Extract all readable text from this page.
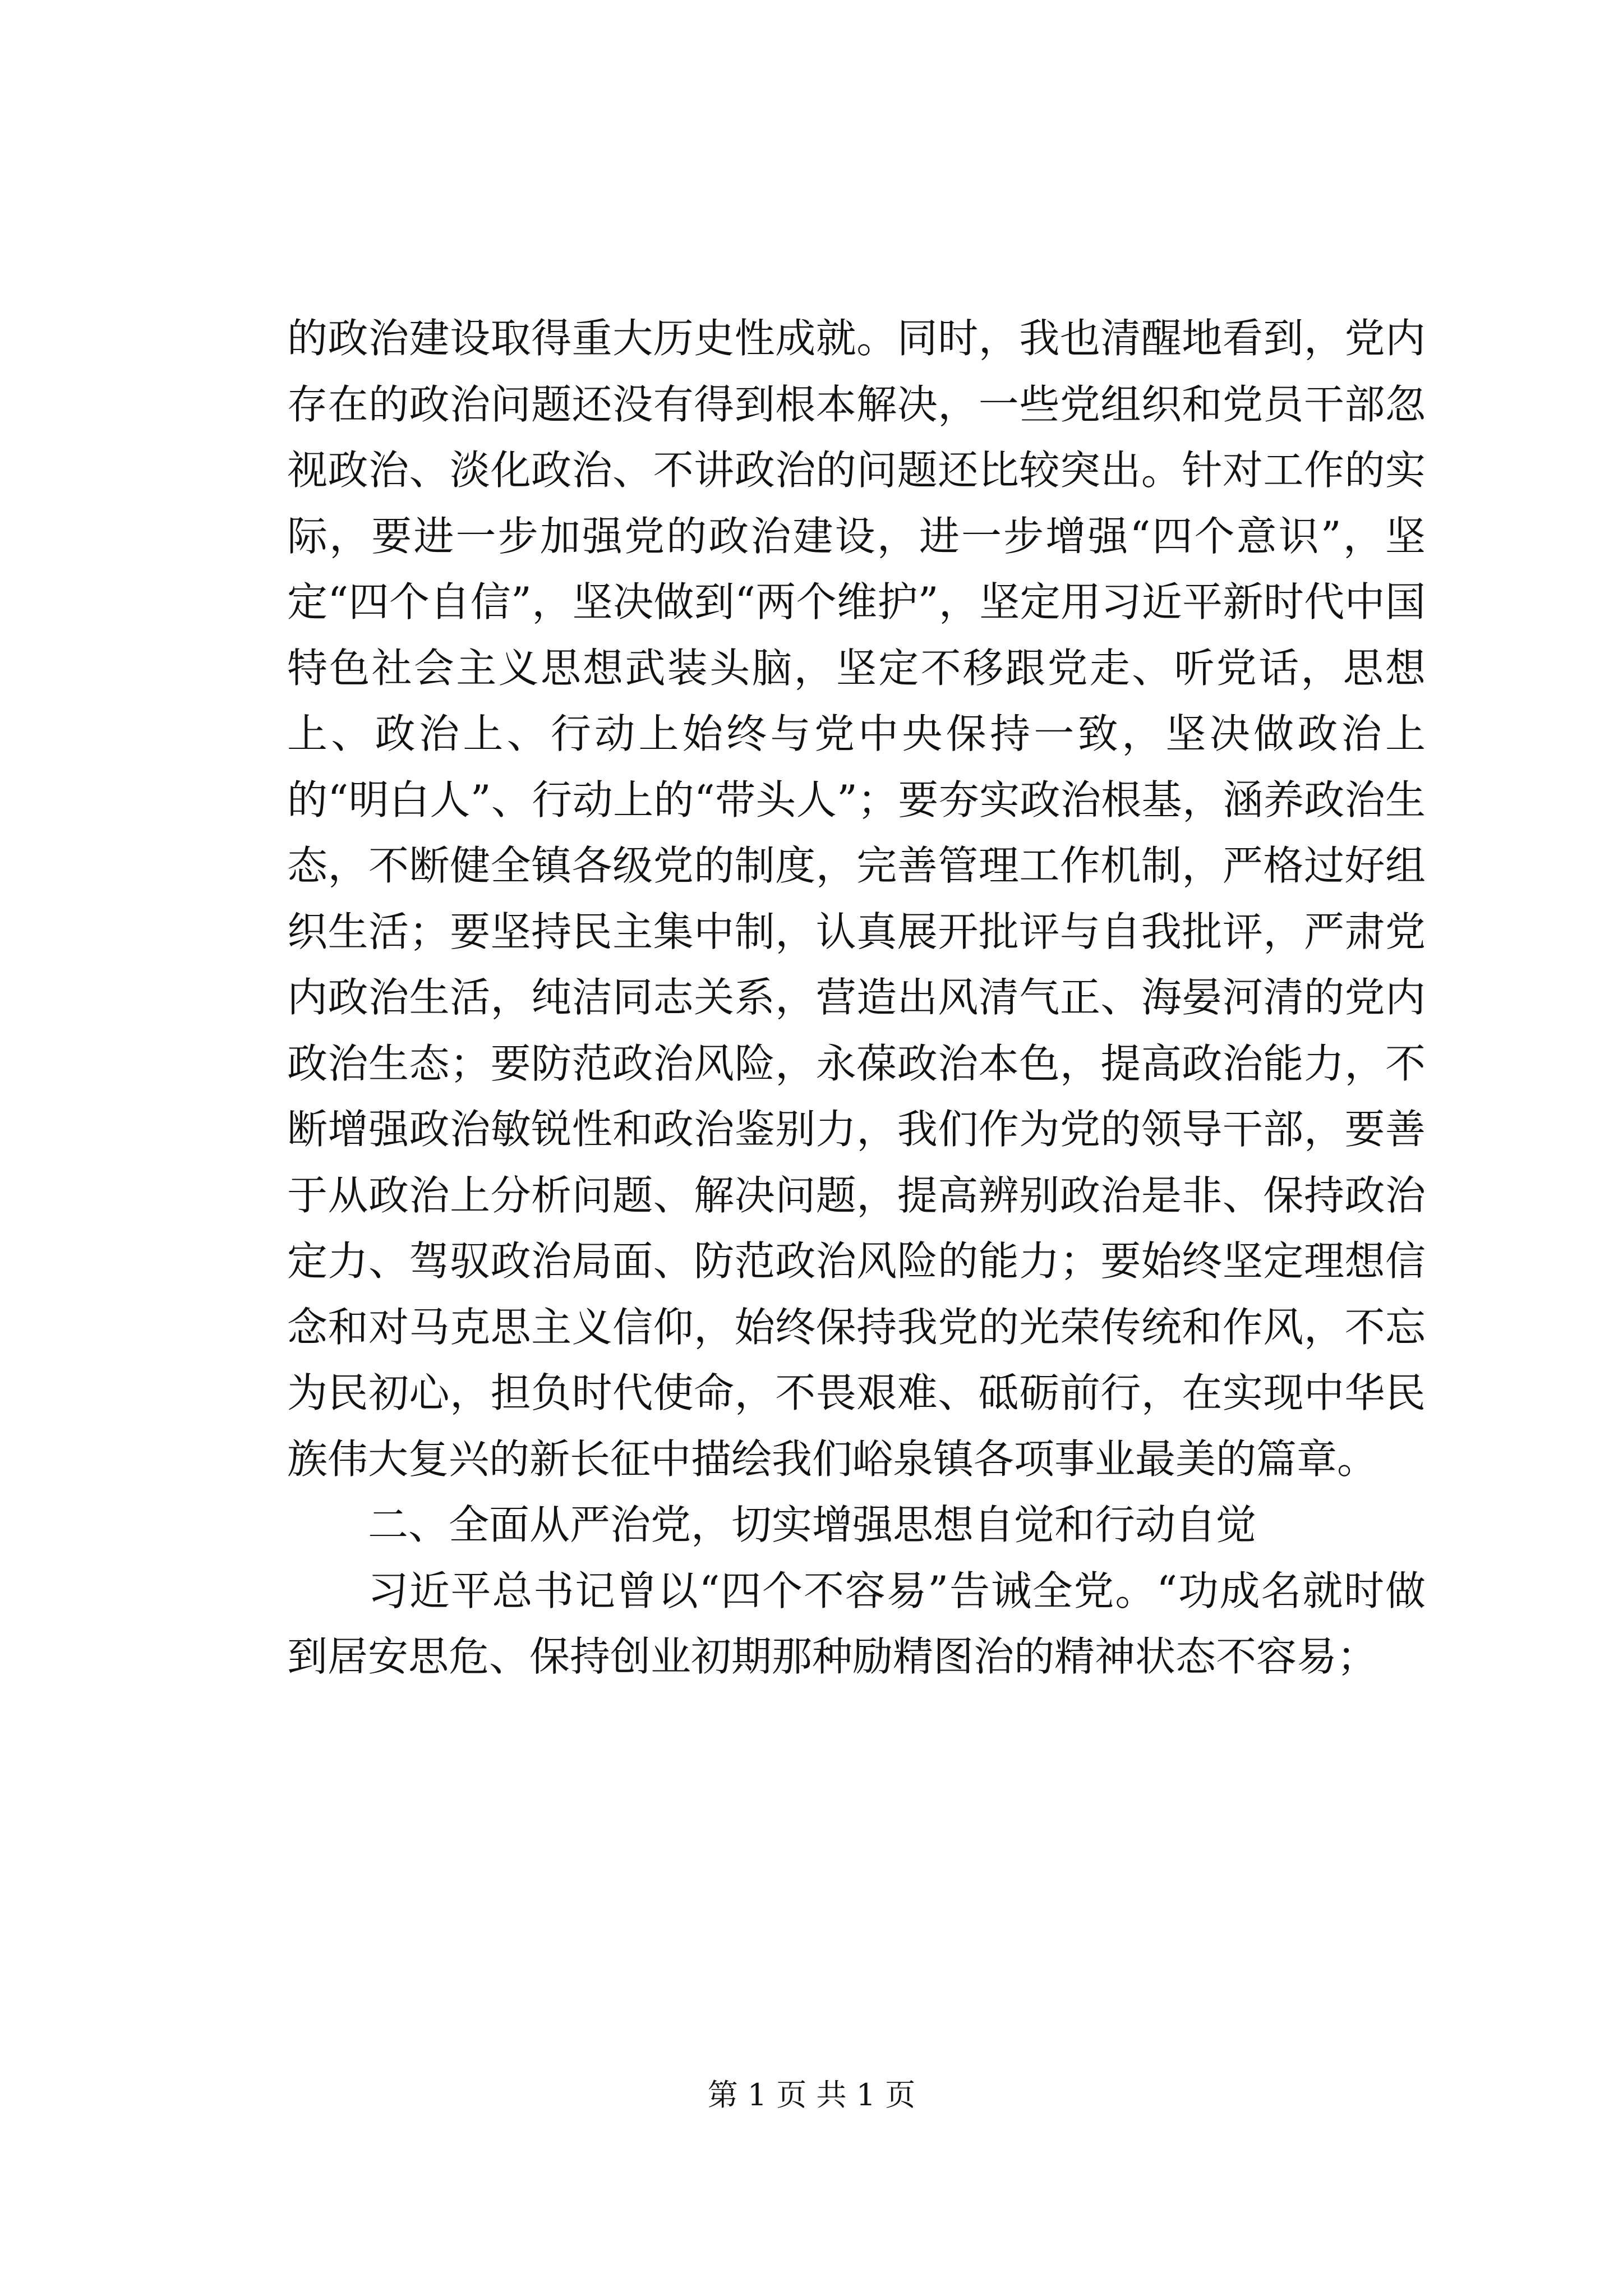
的政治建设取得重大历史性成就。同时，我也清醒地看到，党内存在的政治问题还没有得到根本解决，一些党组织和党员干部忽视政治、淡化政治、不讲政治的问题还比较突出。针对工作的实际，要进一步加强党的政治建设，进一步增强“四个意识”，坚定“四个自信”，坚决做到“两个维护”，坚定用习近平新时代中国特色社会主义思想武装头脑，坚定不移跟党走、听党话，思想上、政治上、行动上始终与党中央保持一致，坚决做政治上的“明白人”、行动上的“带头人”；要夯实政治根基，涵养政治生态，不断健全镇各级党的制度，完善管理工作机制，严格过好组织生活；要坚持民主集中制，认真展开批评与自我批评，严肃党内政治生活，纯洁同志关系，营造出风清气正、海晏河清的党内政治生态；要防范政治风险，永葆政治本色，提高政治能力，不断增强政治敏锐性和政治鉴别力，我们作为党的领导干部，要善于从政治上分析问题、解决问题，提高辨别政治是非、保持政治定力、驾驭政治局面、防范政治风险的能力；要始终坚定理想信念和对马克思主义信仰，始终保持我党的光荣传统和作风，不忘为民初心，担负时代使命，不畏艰难、砥砺前行，在实现中华民族伟大复兴的新长征中描绘我们峪泉镇各项事业最美的篇章。

二、全面从严治党，切实增强思想自觉和行动自觉

习近平总书记曾以“四个不容易”告诫全党。“功成名就时做到居安思危、保持创业初期那种励精图治的精神状态不容易；

第 1 页 共 1 页
